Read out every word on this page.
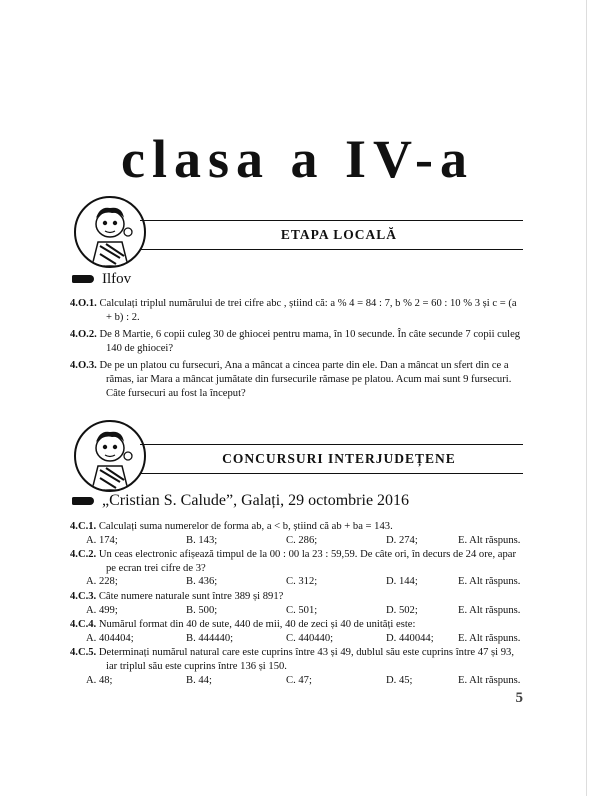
clasa a IV-a
ETAPA LOCALĂ
Ilfov

4.O.1. Calculați triplul numărului de trei cifre abc , știind că: a % 4 = 84 : 7, b % 2 = 60 : 10 % 3 și c = (a + b) : 2.

4.O.2. De 8 Martie, 6 copii culeg 30 de ghiocei pentru mama, în 10 secunde. În câte secunde 7 copii culeg 140 de ghiocei?

4.O.3. De pe un platou cu fursecuri, Ana a mâncat a cincea parte din ele. Dan a mâncat un sfert din ce a rămas, iar Mara a mâncat jumătate din fursecurile rămase pe platou. Acum mai sunt 9 fursecuri. Câte fursecuri au fost la început?

CONCURSURI INTERJUDEȚENE
„Cristian S. Calude”, Galați, 29 octombrie 2016

4.C.1. Calculați suma numerelor de forma ab, a < b, știind că ab + ba = 143.

A. 174;	B. 143;	C. 286;	D. 274;	E. Alt răspuns.

4.C.2. Un ceas electronic afișează timpul de la 00 : 00 la 23 : 59,59. De câte ori, în decurs de 24 ore, apar pe ecran trei cifre de 3?

A. 228;	B. 436;	C. 312;	D. 144;	E. Alt răspuns.

4.C.3. Câte numere naturale sunt între 389 și 891?

A. 499;	B. 500;	C. 501;	D. 502;	E. Alt răspuns.

4.C.4. Numărul format din 40 de sute, 440 de mii, 40 de zeci și 40 de unități este:

A. 404404;	B. 444440;	C. 440440;	D. 440044;	E. Alt răspuns.

4.C.5. Determinați numărul natural care este cuprins între 43 și 49, dublul său este cuprins între 47 și 93, iar triplul său este cuprins între 136 și 150.

A. 48;	B. 44;	C. 47;	D. 45;	E. Alt răspuns.
5
